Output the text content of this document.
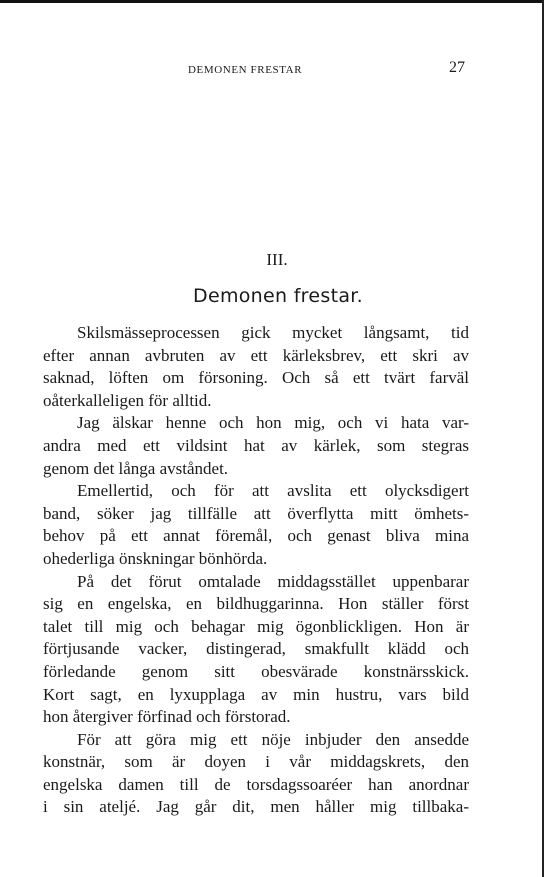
DEMONEN FRESTAR	27
III.
Demonen frestar.
Skilsmässeprocessen gick mycket långsamt, tid
efter annan avbruten av ett kärleksbrev, ett skri av
saknad, löften om försoning. Och så ett tvärt farväl
oåterkalleligen för alltid.
Jag älskar henne och hon mig, och vi hata var-
andra med ett vildsint hat av kärlek, som stegras
genom det långa avståndet.
Emellertid, och för att avslita ett olycksdigert
band, söker jag tillfälle att överflytta mitt ömhets-
behov på ett annat föremål, och genast bliva mina
ohederliga önskningar bönhörda.
På det förut omtalade middagsstället uppenbarar
sig en engelska, en bildhuggarinna. Hon ställer först
talet till mig och behagar mig ögonblickligen. Hon är
förtjusande vacker, distingerad, smakfullt klädd och
förledande genom sitt obesvärade konstnärsskick.
Kort sagt, en lyxupplaga av min hustru, vars bild
hon återgiver förfinad och förstorad.
För att göra mig ett nöje inbjuder den ansedde
konstnär, som är doyen i vår middagskrets, den
engelska damen till de torsdagssoaréer han anordnar
i sin ateljé. Jag går dit, men håller mig tillbaka-
